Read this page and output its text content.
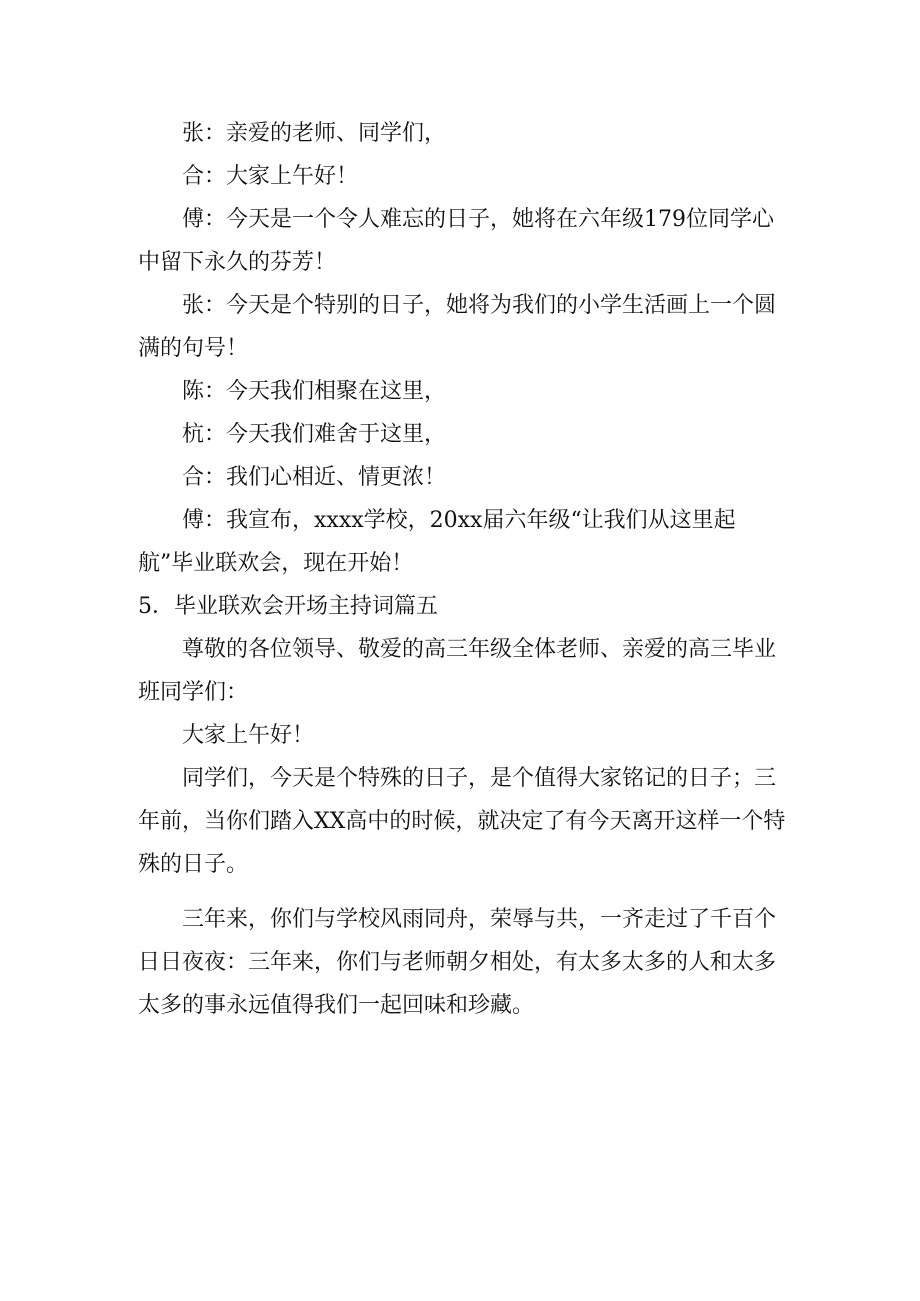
张：亲爱的老师、同学们，

合：大家上午好！

傅：今天是一个令人难忘的日子，她将在六年级179位同学心中留下永久的芬芳！

张：今天是个特别的日子，她将为我们的小学生活画上一个圆满的句号！

陈：今天我们相聚在这里，

杭：今天我们难舍于这里，

合：我们心相近、情更浓！

傅：我宣布，xxxx学校，20xx届六年级“让我们从这里起航”毕业联欢会，现在开始！

5．毕业联欢会开场主持词篇五

尊敬的各位领导、敬爱的高三年级全体老师、亲爱的高三毕业班同学们：

大家上午好！

同学们，今天是个特殊的日子，是个值得大家铭记的日子；三年前，当你们踏入XX高中的时候，就决定了有今天离开这样一个特殊的日子。

三年来，你们与学校风雨同舟，荣辱与共，一齐走过了千百个日日夜夜：三年来，你们与老师朝夕相处，有太多太多的人和太多太多的事永远值得我们一起回味和珍藏。
